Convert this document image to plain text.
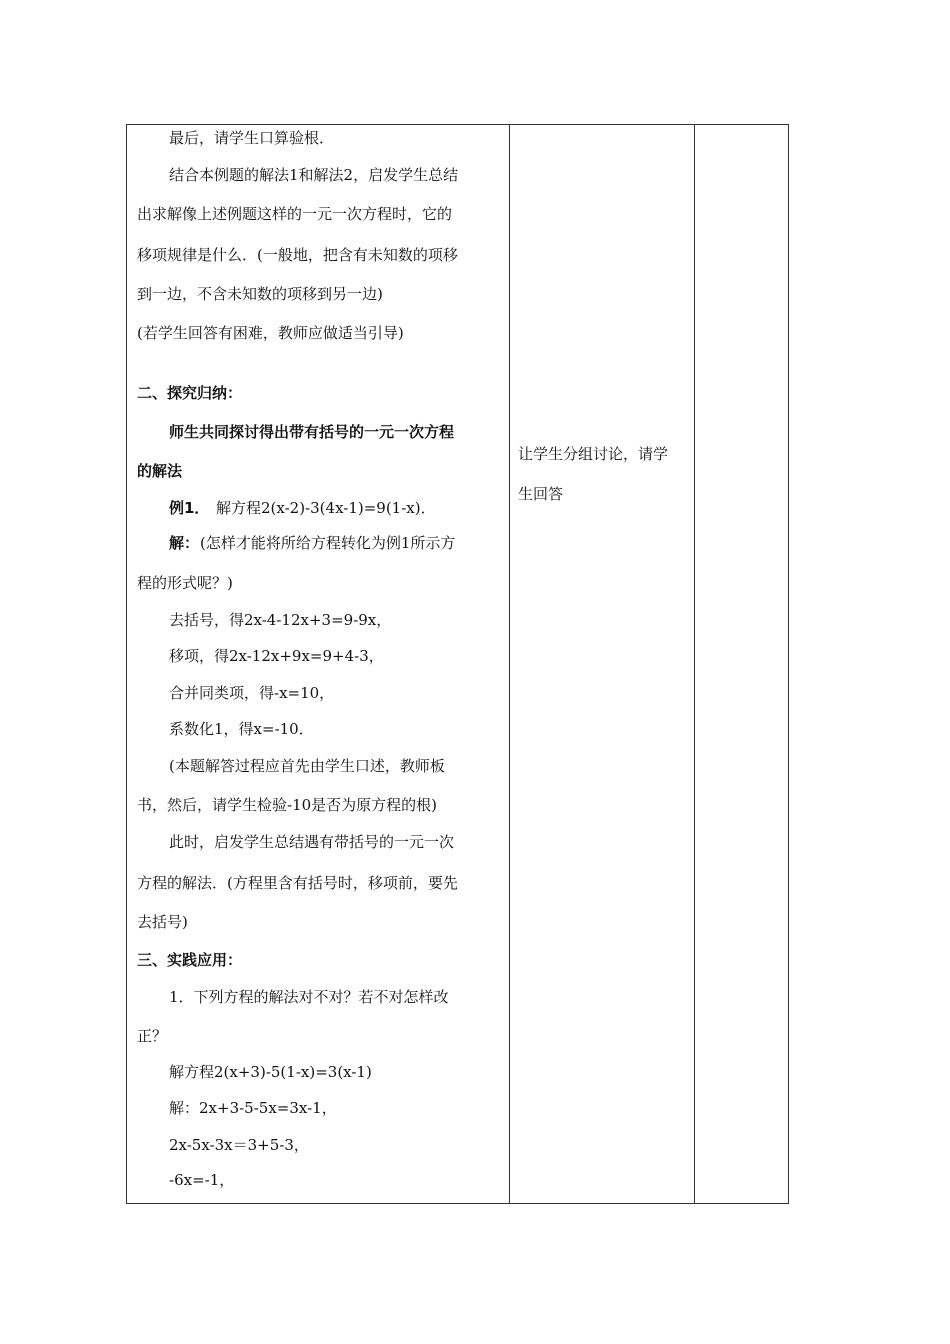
最后，请学生口算验根．
结合本例题的解法1和解法2，启发学生总结
出求解像上述例题这样的一元一次方程时，它的
移项规律是什么．(一般地，把含有未知数的项移
到一边，不含未知数的项移到另一边)
(若学生回答有困难，教师应做适当引导)
二、探究归纳：
师生共同探讨得出带有括号的一元一次方程
的解法
例1． 解方程2(x-2)-3(4x-1)=9(1-x)．
解： (怎样才能将所给方程转化为例1所示方
程的形式呢？)
去括号，得2x-4-12x+3=9-9x，
移项，得2x-12x+9x=9+4-3，
合并同类项，得-x=10，
系数化1，得x=-10．
(本题解答过程应首先由学生口述，教师板
书，然后，请学生检验-10是否为原方程的根)
此时，启发学生总结遇有带括号的一元一次
方程的解法．(方程里含有括号时，移项前，要先
去括号)
三、实践应用：
1．下列方程的解法对不对？若不对怎样改
正？
解方程2(x+3)-5(1-x)=3(x-1)
解：2x+3-5-5x=3x-1，
2x-5x-3x＝3+5-3，
-6x=-1，
让学生分组讨论，请学
生回答
